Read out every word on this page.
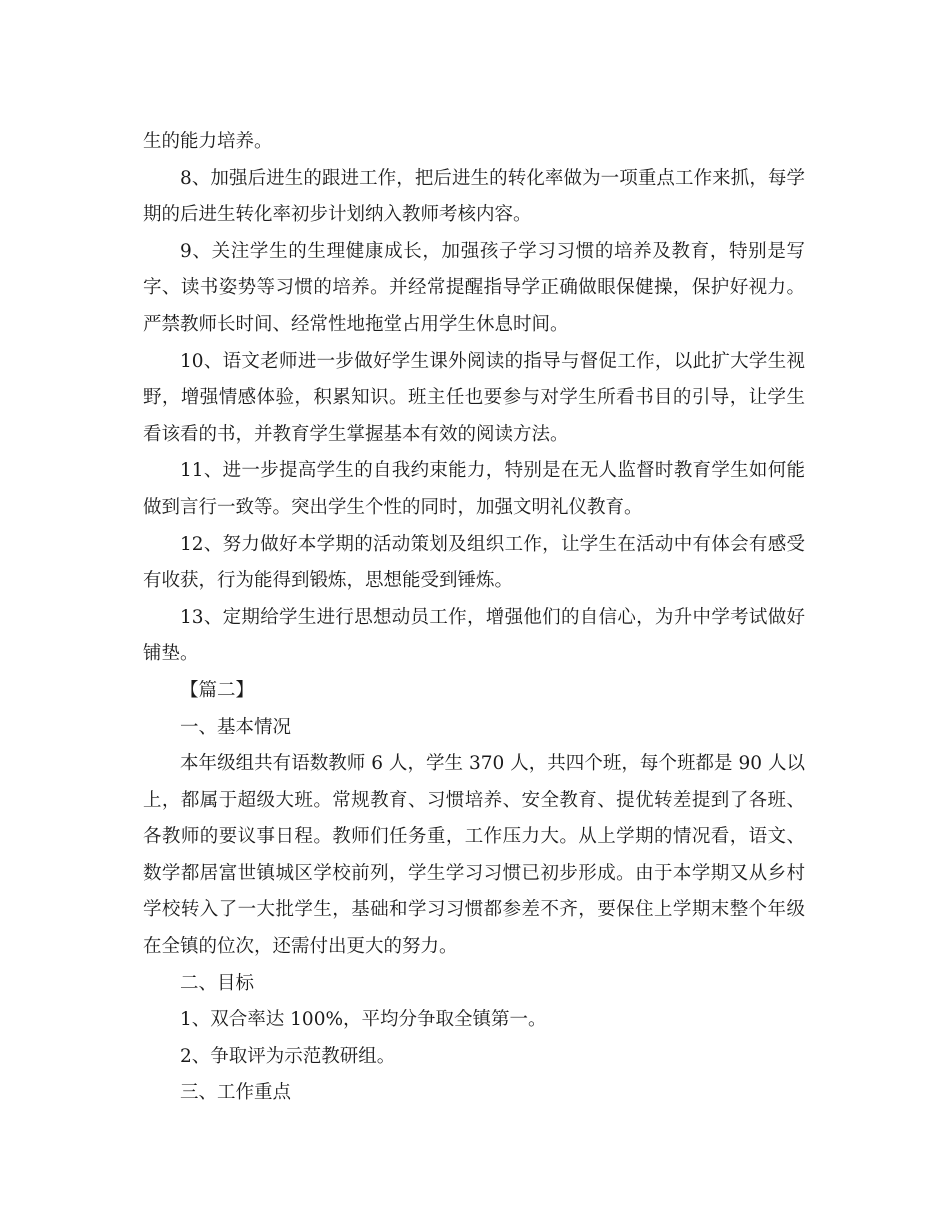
生的能力培养。

8、加强后进生的跟进工作，把后进生的转化率做为一项重点工作来抓，每学期的后进生转化率初步计划纳入教师考核内容。

9、关注学生的生理健康成长，加强孩子学习习惯的培养及教育，特别是写字、读书姿势等习惯的培养。并经常提醒指导学正确做眼保健操，保护好视力。严禁教师长时间、经常性地拖堂占用学生休息时间。

10、语文老师进一步做好学生课外阅读的指导与督促工作，以此扩大学生视野，增强情感体验，积累知识。班主任也要参与对学生所看书目的引导，让学生看该看的书，并教育学生掌握基本有效的阅读方法。

11、进一步提高学生的自我约束能力，特别是在无人监督时教育学生如何能做到言行一致等。突出学生个性的同时，加强文明礼仪教育。

12、努力做好本学期的活动策划及组织工作，让学生在活动中有体会有感受有收获，行为能得到锻炼，思想能受到锤炼。

13、定期给学生进行思想动员工作，增强他们的自信心，为升中学考试做好铺垫。

【篇二】

一、基本情况

本年级组共有语数教师 6 人，学生 370 人，共四个班，每个班都是 90 人以上，都属于超级大班。常规教育、习惯培养、安全教育、提优转差提到了各班、各教师的要议事日程。教师们任务重，工作压力大。从上学期的情况看，语文、数学都居富世镇城区学校前列，学生学习习惯已初步形成。由于本学期又从乡村学校转入了一大批学生，基础和学习习惯都参差不齐，要保住上学期末整个年级在全镇的位次，还需付出更大的努力。

二、目标

1、双合率达 100%，平均分争取全镇第一。

2、争取评为示范教研组。

三、工作重点
